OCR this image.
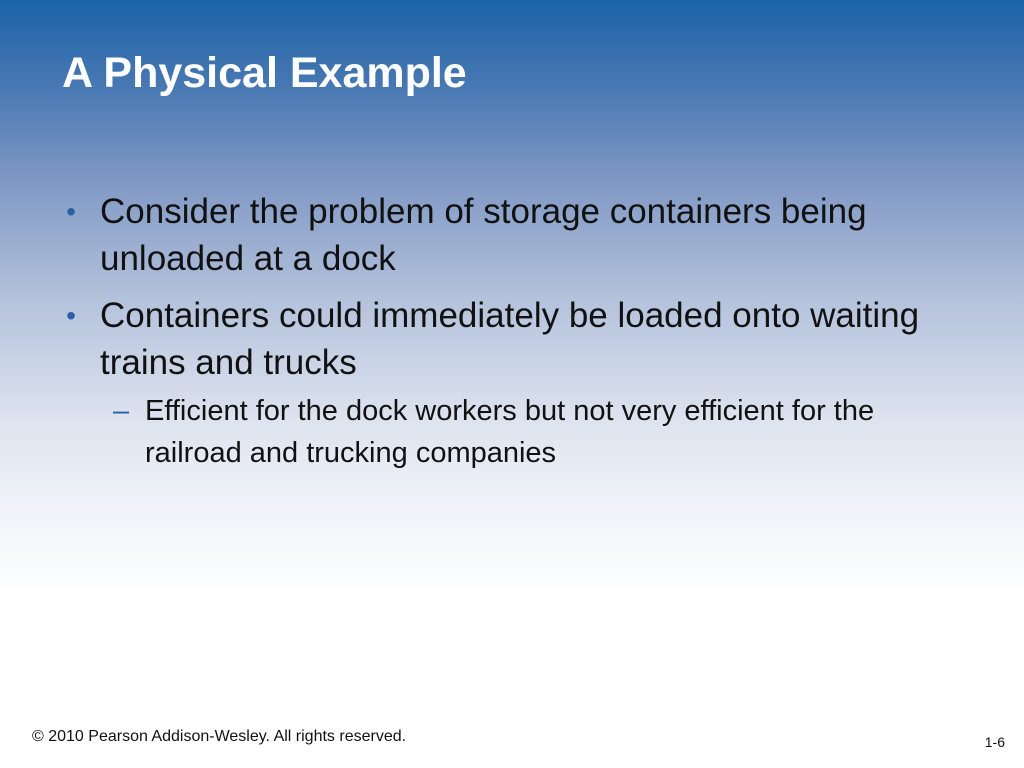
A Physical Example
• Consider the problem of storage containers being unloaded at a dock
• Containers could immediately be loaded onto waiting trains and trucks
– Efficient for the dock workers but not very efficient for the railroad and trucking companies
© 2010 Pearson Addison-Wesley. All rights reserved.	1-6
